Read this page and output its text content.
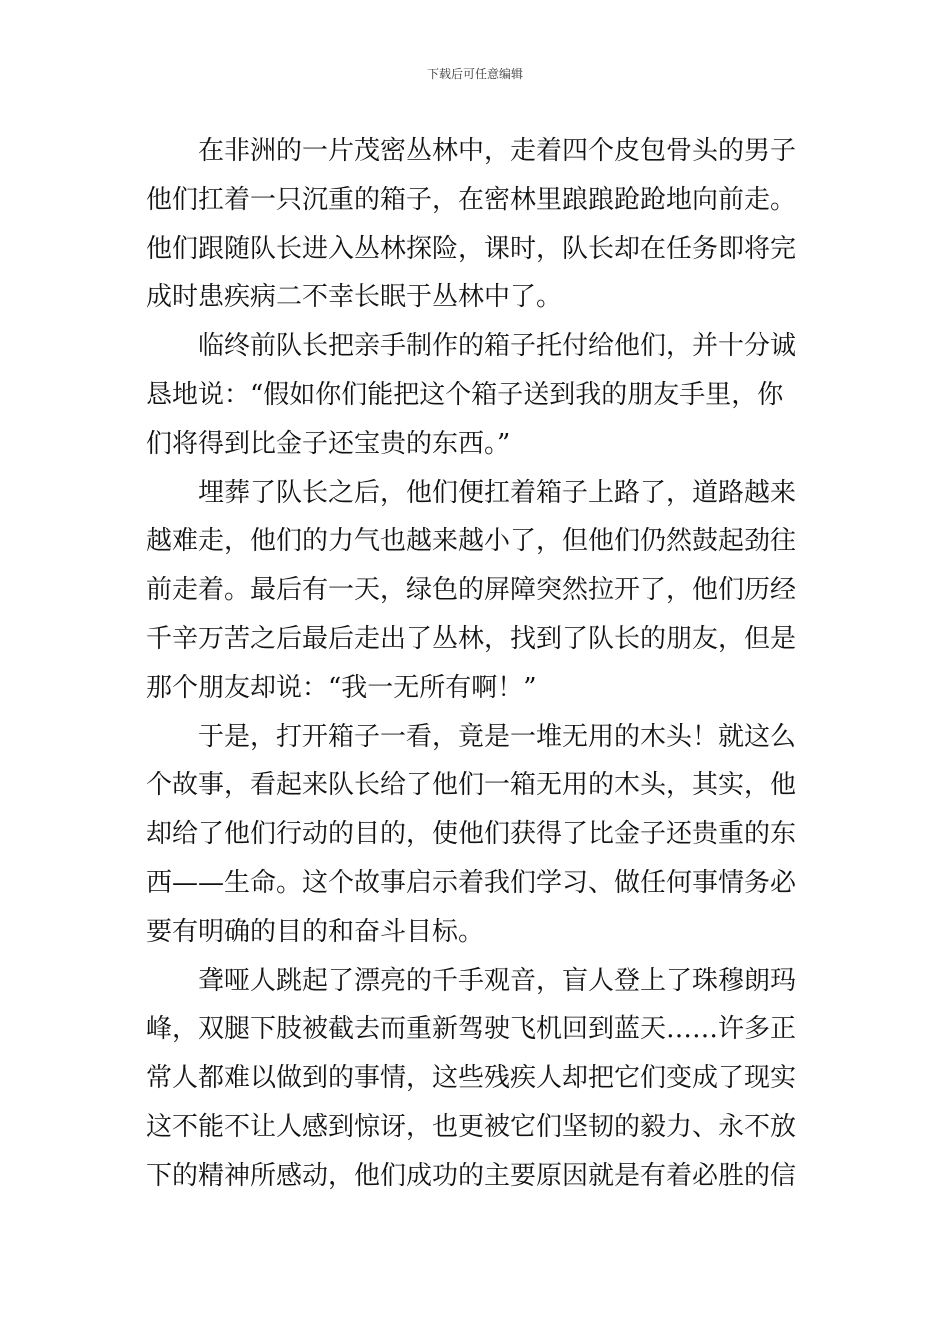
下载后可任意编辑
在非洲的一片茂密丛林中，走着四个皮包骨头的男子
他们扛着一只沉重的箱子，在密林里踉踉跄跄地向前走。
他们跟随队长进入丛林探险，课时，队长却在任务即将完
成时患疾病二不幸长眠于丛林中了。
临终前队长把亲手制作的箱子托付给他们，并十分诚
恳地说：“假如你们能把这个箱子送到我的朋友手里，你
们将得到比金子还宝贵的东西。”
埋葬了队长之后，他们便扛着箱子上路了，道路越来
越难走，他们的力气也越来越小了，但他们仍然鼓起劲往
前走着。最后有一天，绿色的屏障突然拉开了，他们历经
千辛万苦之后最后走出了丛林，找到了队长的朋友，但是
那个朋友却说：“我一无所有啊！”
于是，打开箱子一看，竟是一堆无用的木头！就这么
个故事，看起来队长给了他们一箱无用的木头，其实，他
却给了他们行动的目的，使他们获得了比金子还贵重的东
西——生命。这个故事启示着我们学习、做任何事情务必
要有明确的目的和奋斗目标。
聋哑人跳起了漂亮的千手观音，盲人登上了珠穆朗玛
峰，双腿下肢被截去而重新驾驶飞机回到蓝天……许多正
常人都难以做到的事情，这些残疾人却把它们变成了现实
这不能不让人感到惊讶，也更被它们坚韧的毅力、永不放
下的精神所感动，他们成功的主要原因就是有着必胜的信
